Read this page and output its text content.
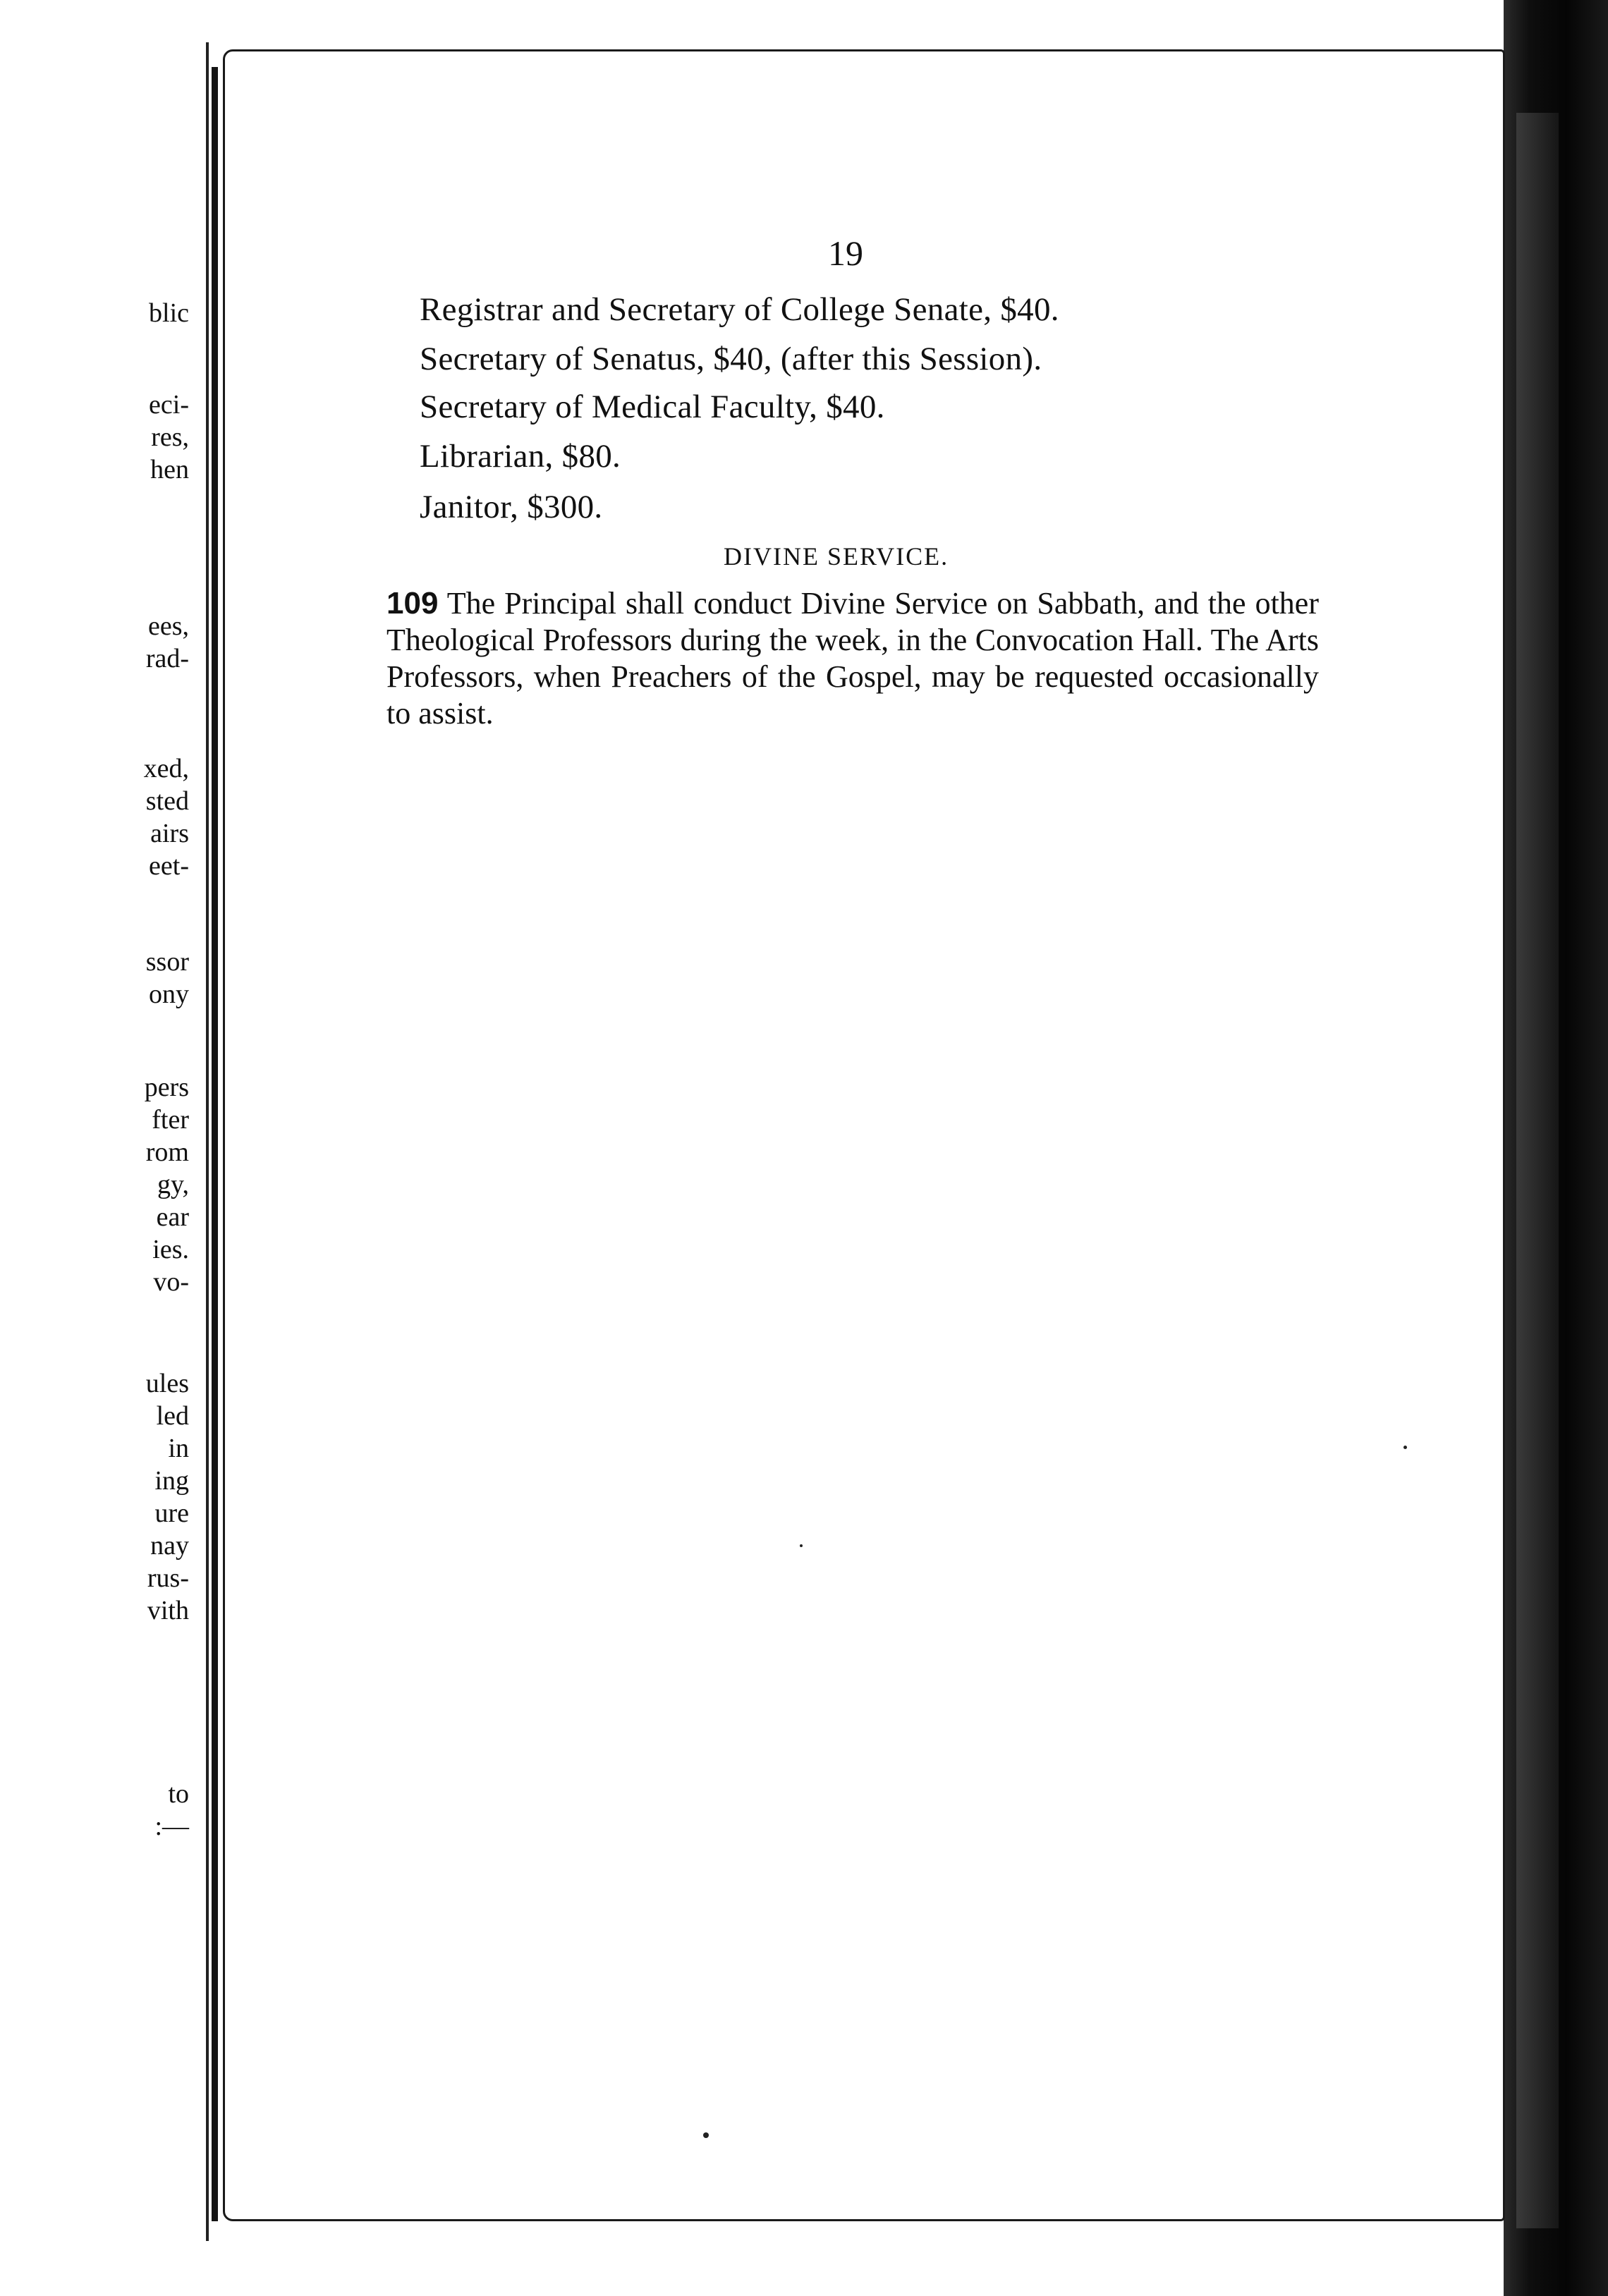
blic
eci-
res,
hen
ees,
rad-
xed,
sted
airs
eet-
ssor
ony
pers
fter
rom
gy,
ear
ies.
vo-
ules
led
in
ing
ure
nay
rus-
vith
to
:—
19
Registrar and Secretary of College Senate, $40.
Secretary of Senatus, $40, (after this Session).
Secretary of Medical Faculty, $40.
Librarian, $80.
Janitor, $300.
DIVINE SERVICE.
109 The Principal shall conduct Divine Service on Sabbath, and the other Theological Professors during the week, in the Convocation Hall. The Arts Professors, when Preachers of the Gospel, may be requested occasionally to assist.
